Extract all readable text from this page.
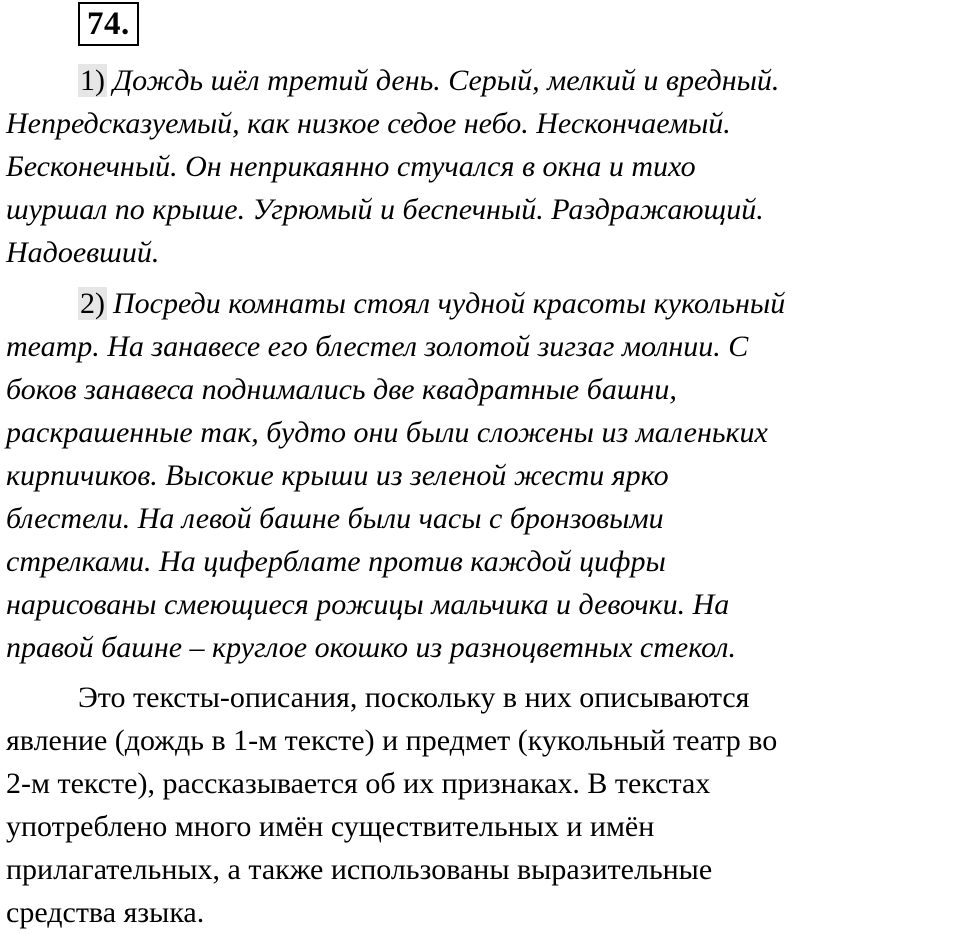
74.
1) Дождь шёл третий день. Серый, мелкий и вредный.
Непредсказуемый, как низкое седое небо. Нескончаемый.
Бесконечный. Он неприкаянно стучался в окна и тихо
шуршал по крыше. Угрюмый и беспечный. Раздражающий.
Надоевший.
2) Посреди комнаты стоял чудной красоты кукольный
театр. На занавесе его блестел золотой зигзаг молнии. С
боков занавеса поднимались две квадратные башни,
раскрашенные так, будто они были сложены из маленьких
кирпичиков. Высокие крыши из зеленой жести ярко
блестели. На левой башне были часы с бронзовыми
стрелками. На циферблате против каждой цифры
нарисованы смеющиеся рожицы мальчика и девочки. На
правой башне – круглое окошко из разноцветных стекол.
Это тексты-описания, поскольку в них описываются
явление (дождь в 1-м тексте) и предмет (кукольный театр во
2-м тексте), рассказывается об их признаках. В текстах
употреблено много имён существительных и имён
прилагательных, а также использованы выразительные
средства языка.
